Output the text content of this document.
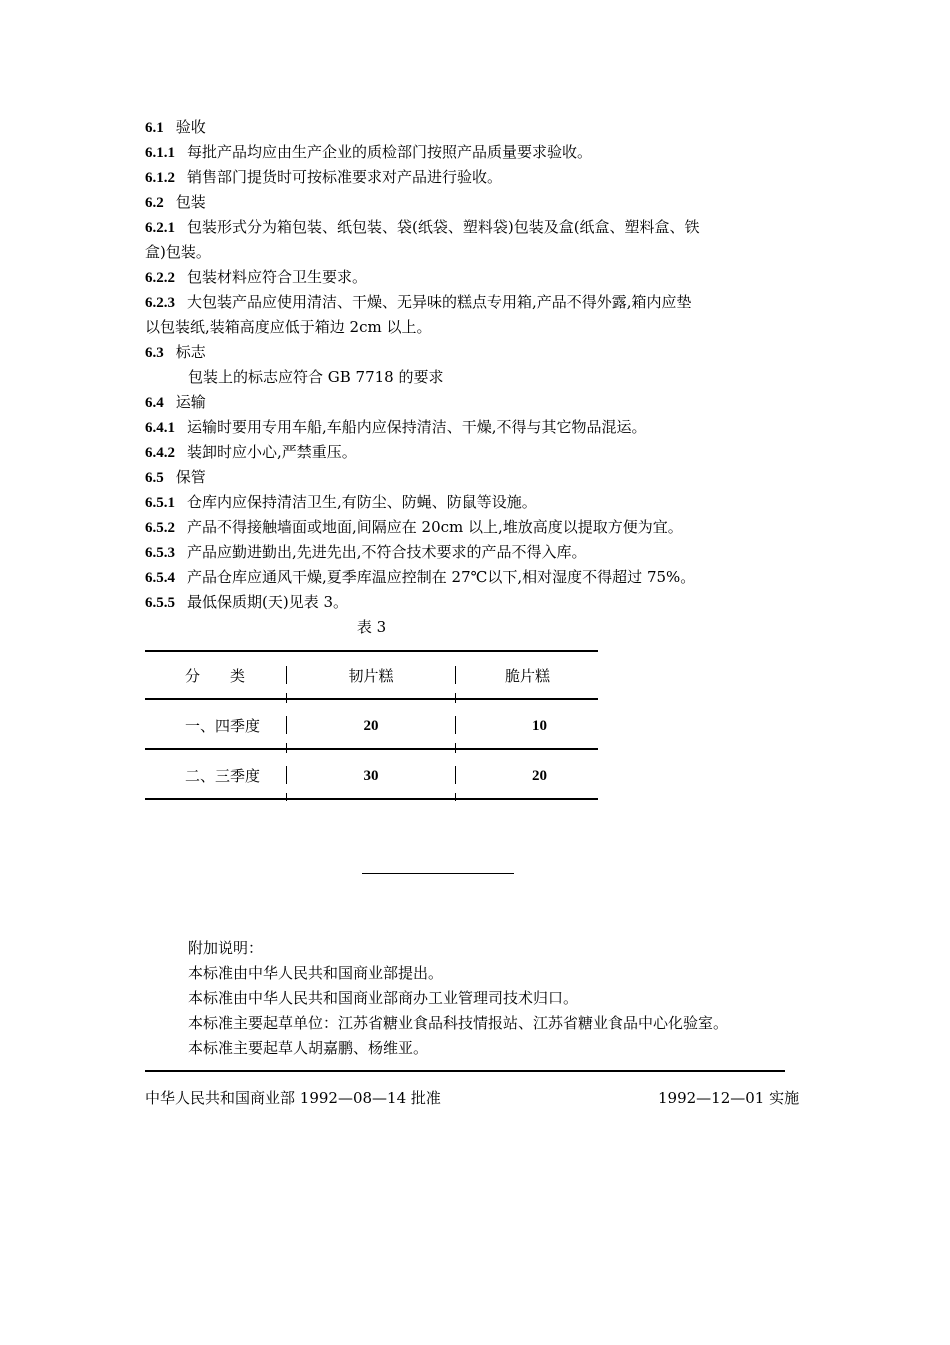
6.1 验收
6.1.1 每批产品均应由生产企业的质检部门按照产品质量要求验收。
6.1.2 销售部门提货时可按标准要求对产品进行验收。
6.2 包装
6.2.1 包装形式分为箱包装、纸包装、袋(纸袋、塑料袋)包装及盒(纸盒、塑料盒、铁
盒)包装。
6.2.2 包装材料应符合卫生要求。
6.2.3 大包装产品应使用清洁、干燥、无异味的糕点专用箱,产品不得外露,箱内应垫
以包装纸,装箱高度应低于箱边 2cm 以上。
6.3 标志
包装上的标志应符合 GB 7718 的要求
6.4 运输
6.4.1 运输时要用专用车船,车船内应保持清洁、干燥,不得与其它物品混运。
6.4.2 装卸时应小心,严禁重压。
6.5 保管
6.5.1 仓库内应保持清洁卫生,有防尘、防蝇、防鼠等设施。
6.5.2 产品不得接触墙面或地面,间隔应在 20cm 以上,堆放高度以提取方便为宜。
6.5.3 产品应勤进勤出,先进先出,不符合技术要求的产品不得入库。
6.5.4 产品仓库应通风干燥,夏季库温应控制在 27℃以下,相对湿度不得超过 75%。
6.5.5 最低保质期(天)见表 3。
表 3
分　　类	韧片糕	脆片糕
一、四季度	20	10
二、三季度	30	20
附加说明：
本标准由中华人民共和国商业部提出。
本标准由中华人民共和国商业部商办工业管理司技术归口。
本标准主要起草单位：江苏省糖业食品科技情报站、江苏省糖业食品中心化验室。
本标准主要起草人胡嘉鹏、杨维亚。
中华人民共和国商业部 1992—08—14 批准	1992—12—01 实施
